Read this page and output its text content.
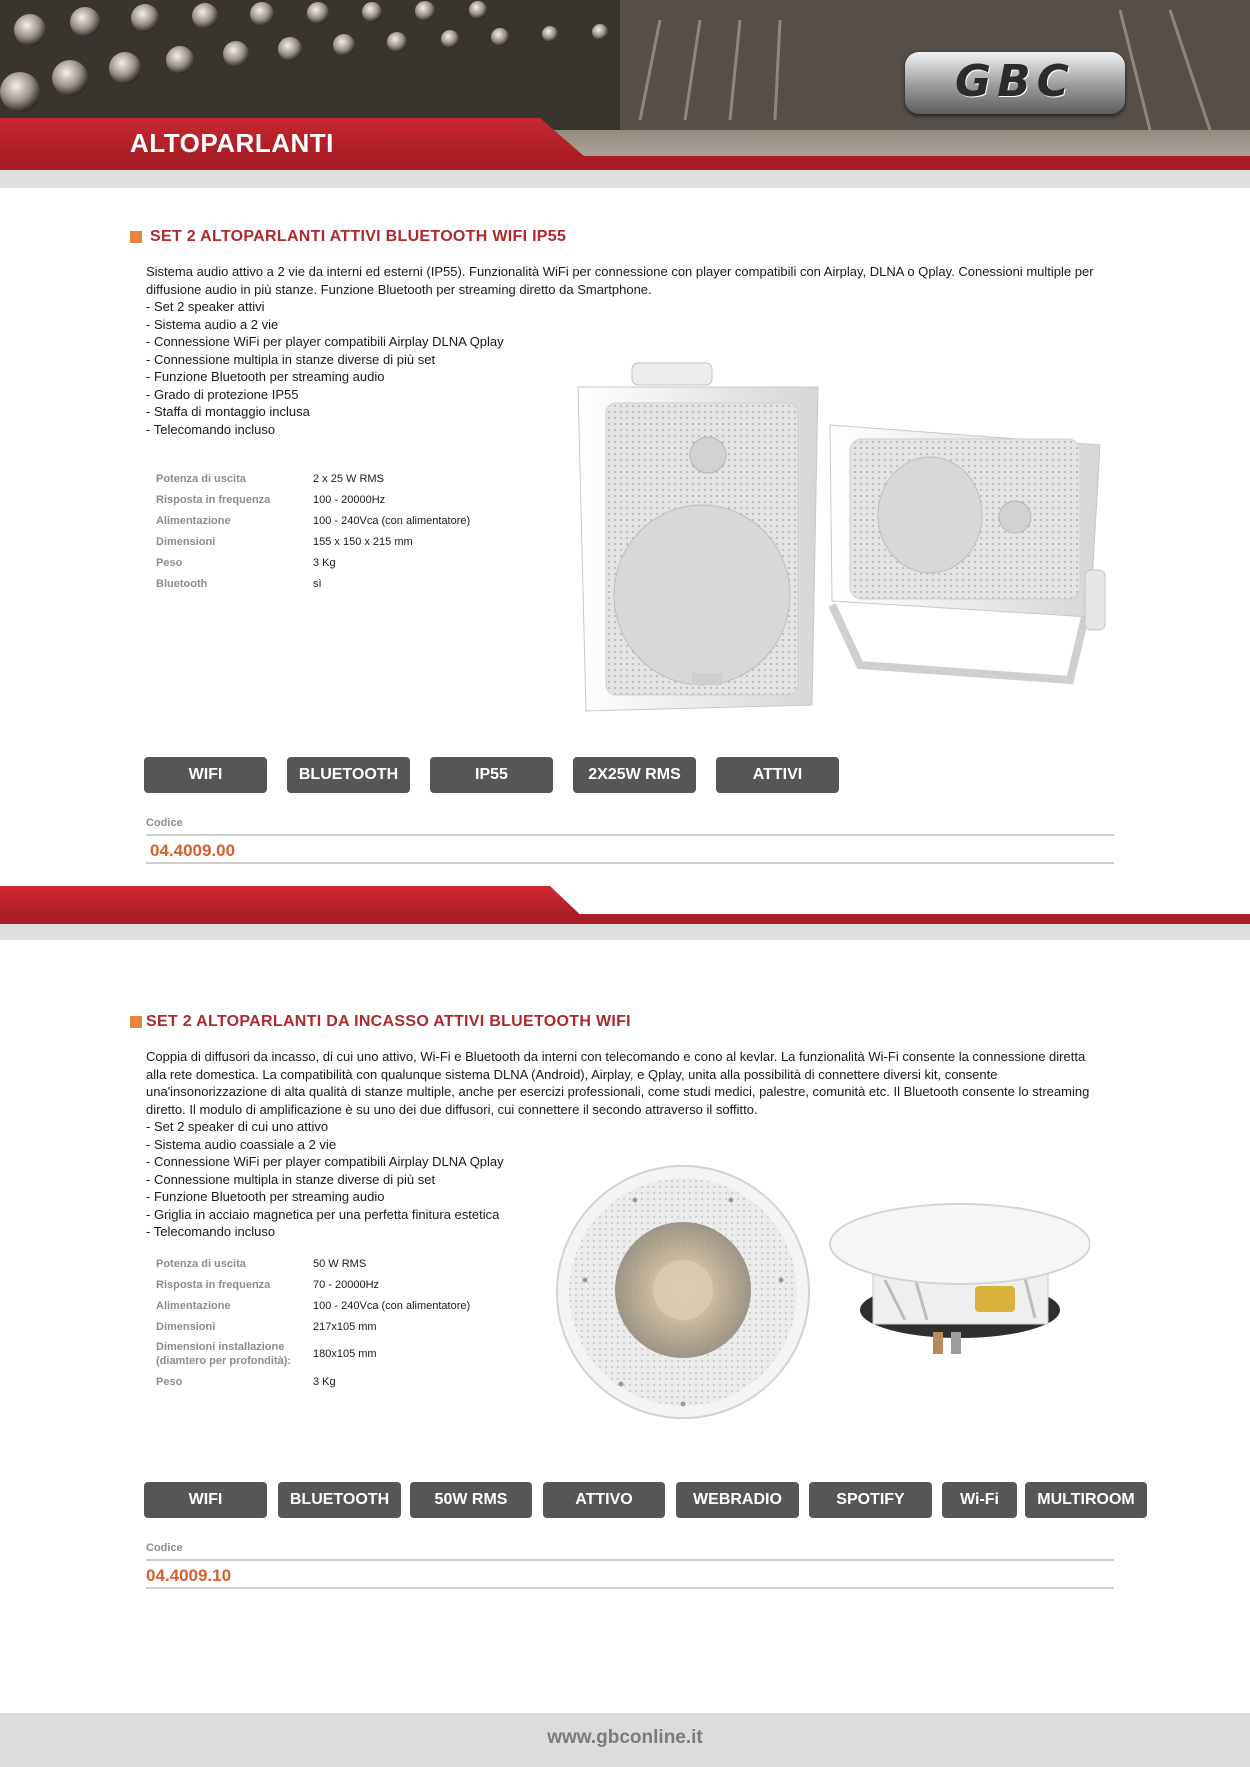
ALTOPARLANTI
GBC
SET 2 ALTOPARLANTI ATTIVI BLUETOOTH WIFI IP55

Sistema audio attivo a 2 vie da interni ed esterni (IP55). Funzionalità WiFi per connessione con player compatibili con Airplay, DLNA o Qplay. Conessioni multiple per diffusione audio in più stanze. Funzione Bluetooth per streaming diretto da Smartphone.

- Set 2 speaker attivi
- Sistema audio a 2 vie
- Connessione WiFi per player compatibili Airplay DLNA Qplay
- Connessione multipla in stanze diverse di più set
- Funzione Bluetooth per streaming audio
- Grado di protezione IP55
- Staffa di montaggio inclusa
- Telecomando incluso
Potenza di uscita	2 x 25 W RMS
Risposta in frequenza	100 - 20000Hz
Alimentazione	100 - 240Vca (con alimentatore)
Dimensioni	155 x 150 x 215 mm
Peso	3 Kg
Bluetooth	sì
WIFI	BLUETOOTH	IP55	2X25W RMS	ATTIVI
Codice
04.4009.00
SET 2 ALTOPARLANTI DA INCASSO ATTIVI BLUETOOTH WIFI

Coppia di diffusori da incasso, di cui uno attivo, Wi-Fi e Bluetooth da interni con telecomando e cono al kevlar. La funzionalità Wi-Fi consente la connessione diretta alla rete domestica. La compatibilità con qualunque sistema DLNA (Android), Airplay, e Qplay, unita alla possibilità di connettere diversi kit, consente una'insonorizzazione di alta qualità di stanze multiple, anche per esercizi professionali, come studi medici, palestre, comunità etc. Il Bluetooth consente lo streaming diretto. Il modulo di amplificazione è su uno dei due diffusori, cui connettere il secondo attraverso il soffitto.

- Set 2 speaker di cui uno attivo
- Sistema audio coassiale a 2 vie
- Connessione WiFi per player compatibili Airplay DLNA Qplay
- Connessione multipla in stanze diverse di più set
- Funzione Bluetooth per streaming audio
- Griglia in acciaio magnetica per una perfetta finitura estetica
- Telecomando incluso
Potenza di uscita	50 W RMS
Risposta in frequenza	70 - 20000Hz
Alimentazione	100 - 240Vca (con alimentatore)
Dimensioni	217x105 mm
Dimensioni installazione (diamtero per profondità):
180x105 mm
Peso	3 Kg
WIFI	BLUETOOTH	50W RMS	ATTIVO	WEBRADIO	SPOTIFY	Wi-Fi	MULTIROOM
Codice
04.4009.10
www.gbconline.it
